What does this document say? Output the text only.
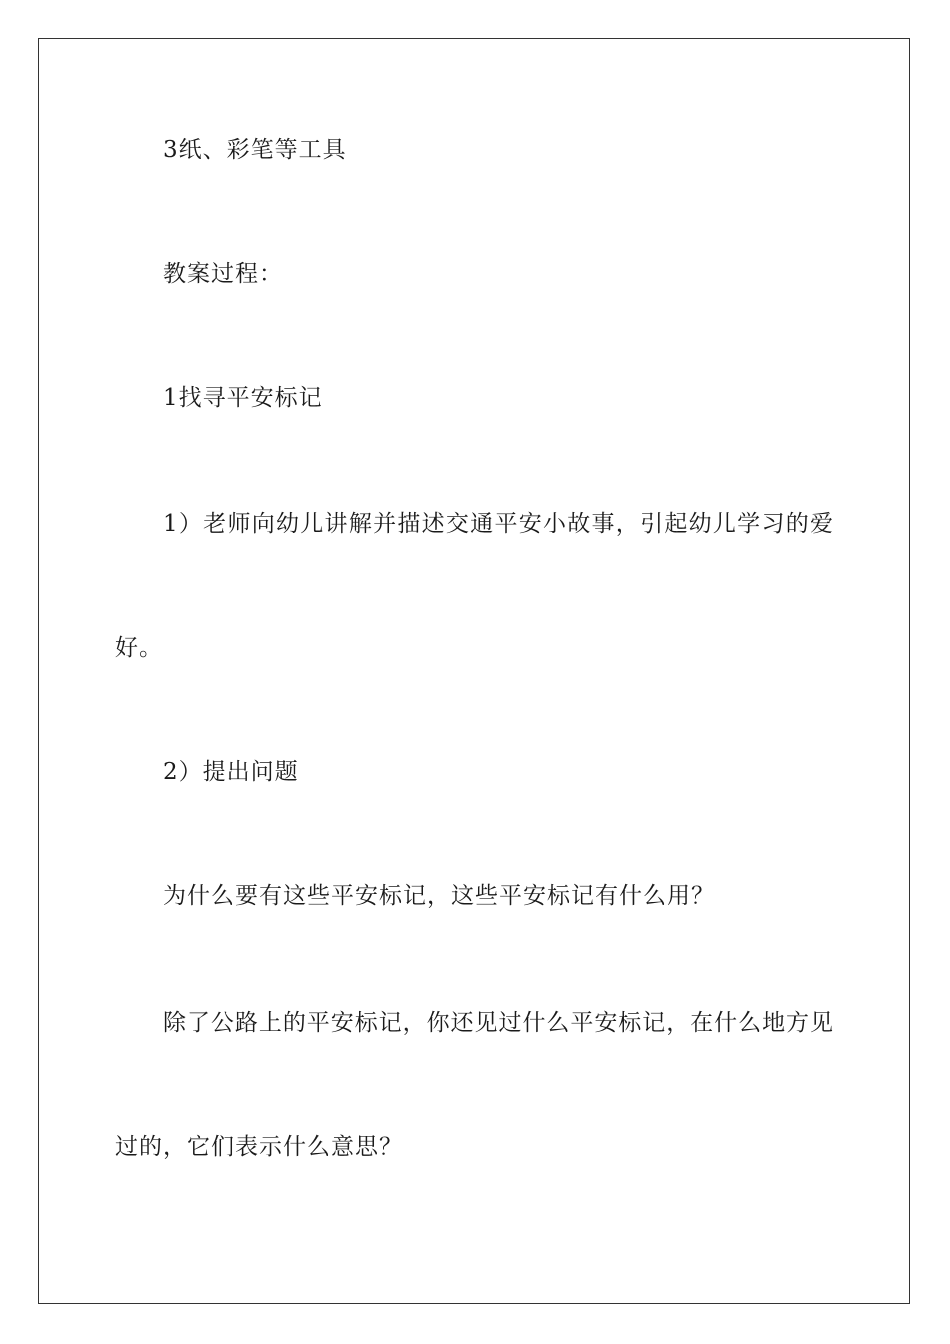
3纸、彩笔等工具
教案过程：
1找寻平安标记
1）老师向幼儿讲解并描述交通平安小故事，引起幼儿学习的爱
好。
2）提出问题
为什么要有这些平安标记，这些平安标记有什么用？
除了公路上的平安标记，你还见过什么平安标记，在什么地方见
过的，它们表示什么意思？
